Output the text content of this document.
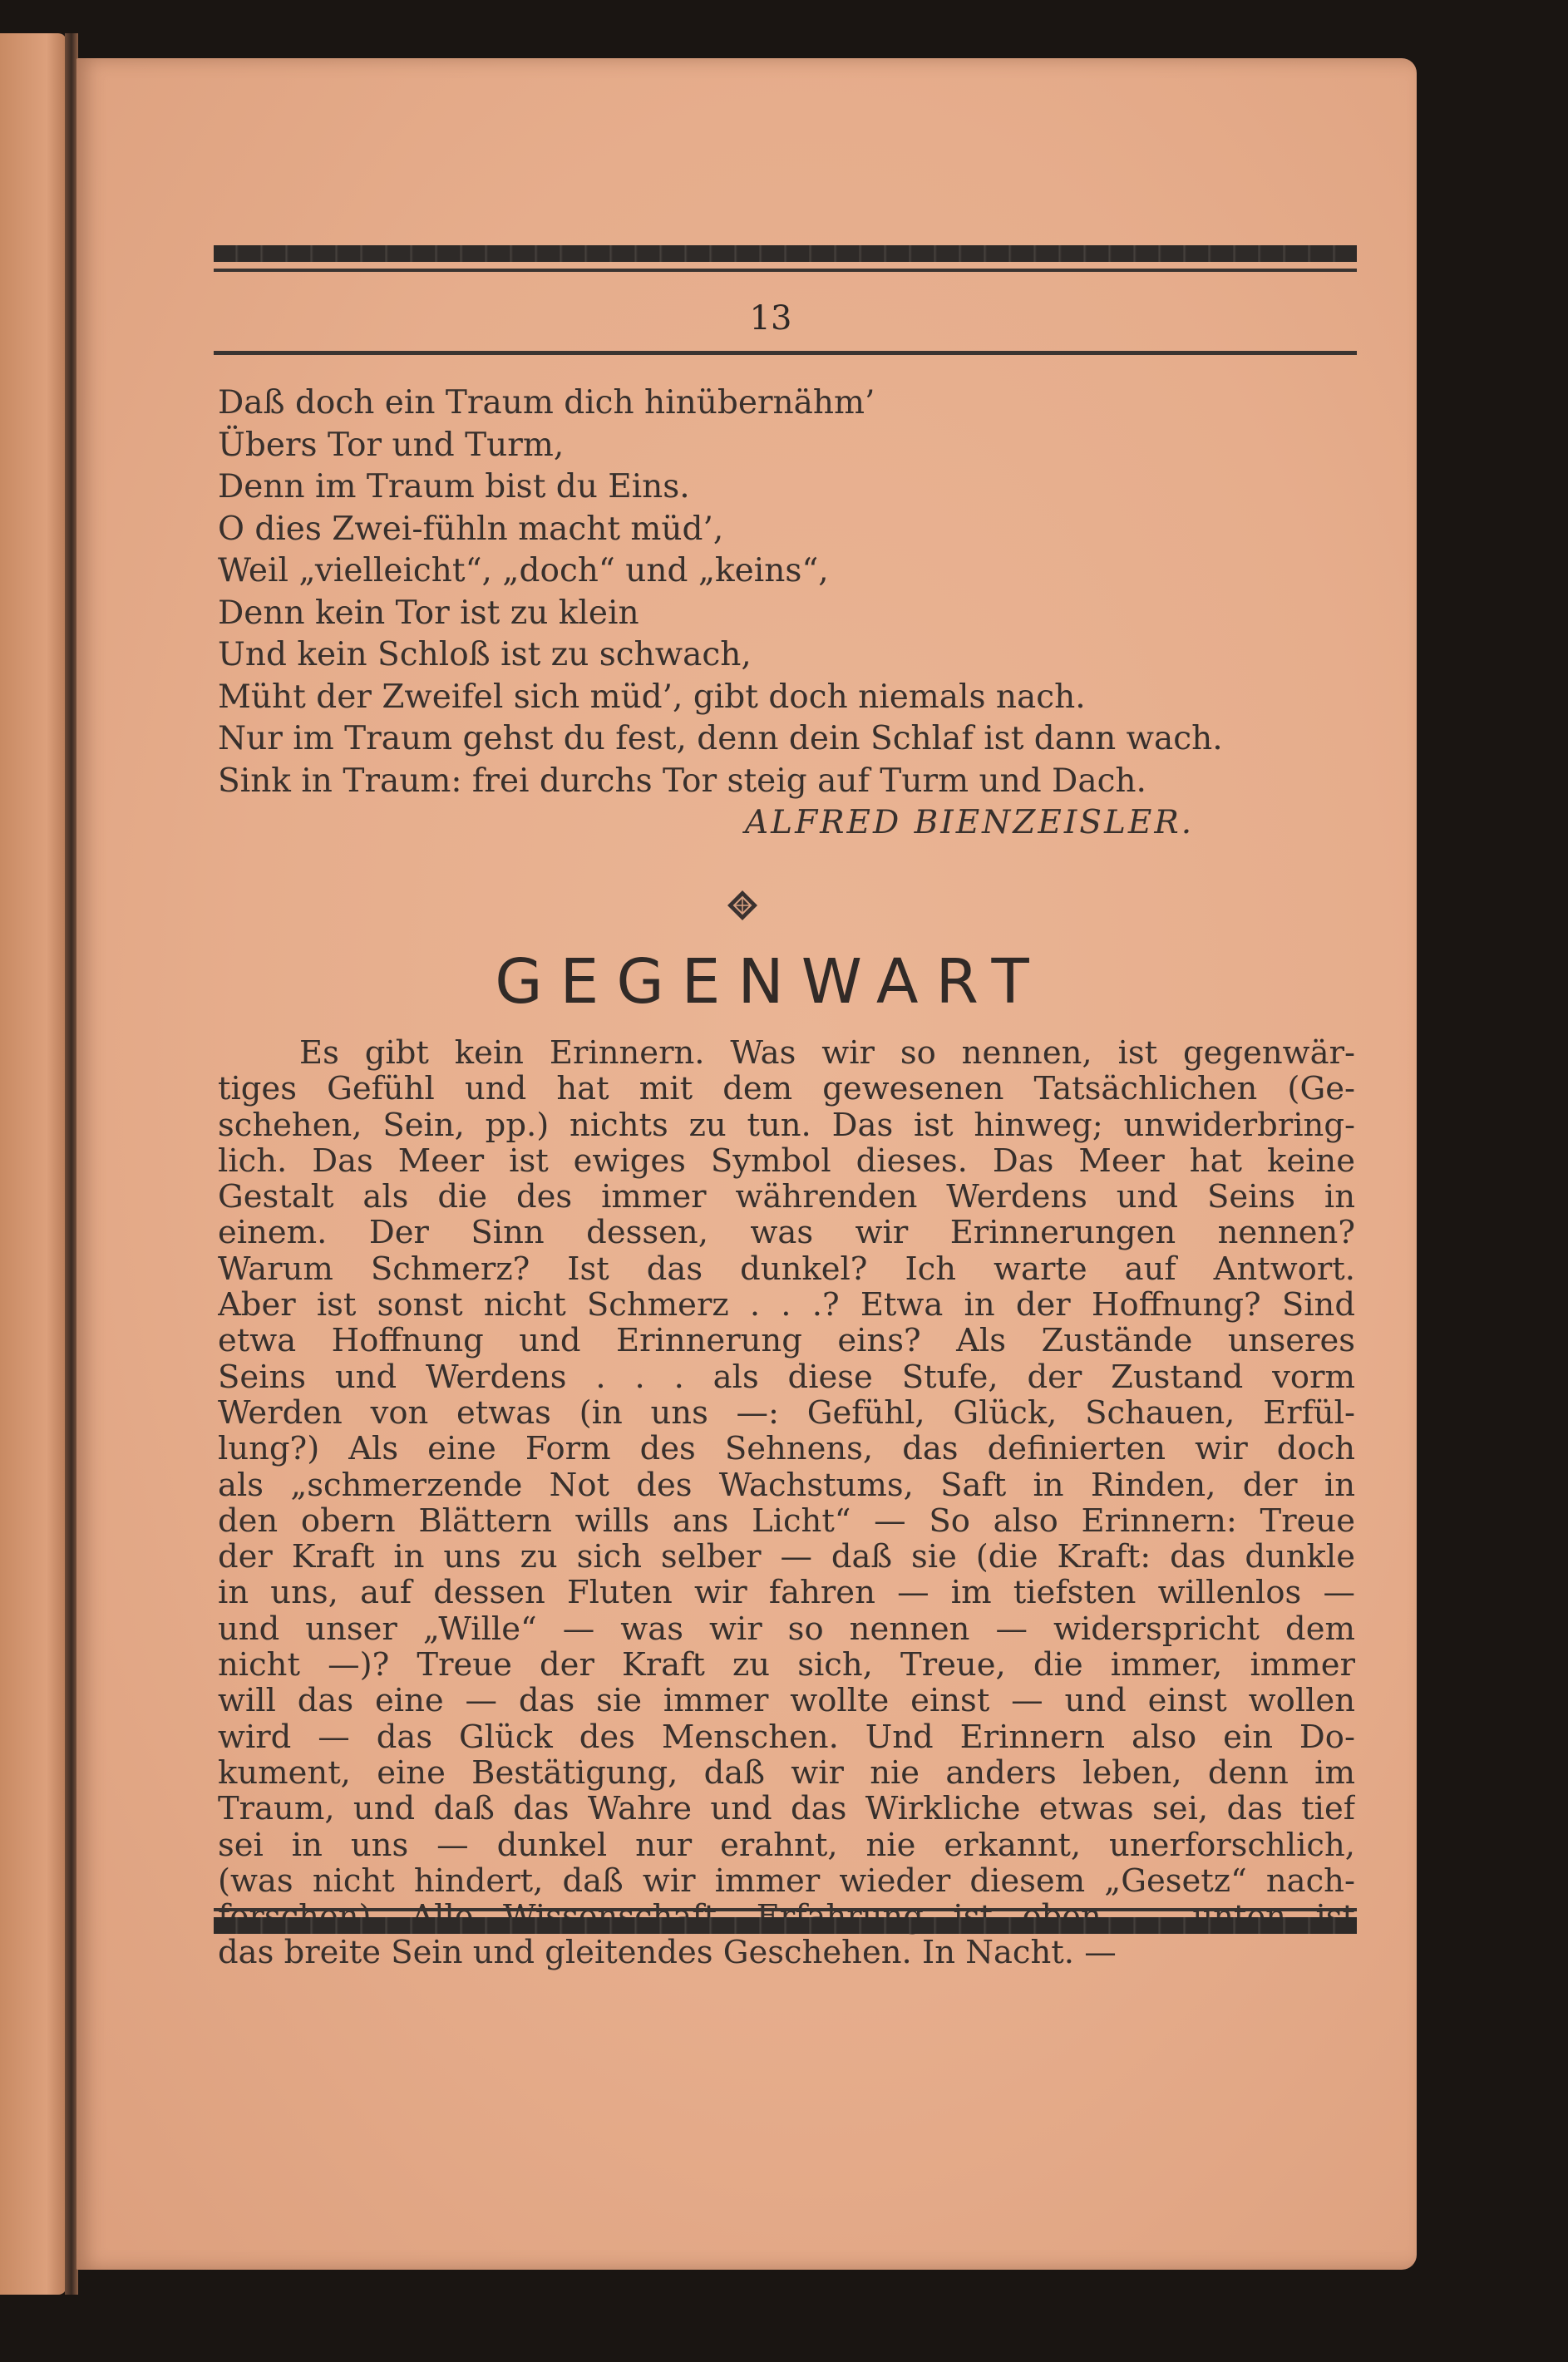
13
Daß doch ein Traum dich hinübernähm’
Übers Tor und Turm,
Denn im Traum bist du Eins.
O dies Zwei-fühln macht müd’,
Weil „vielleicht“, „doch“ und „keins“,
Denn kein Tor ist zu klein
Und kein Schloß ist zu schwach,
Müht der Zweifel sich müd’, gibt doch niemals nach.
Nur im Traum gehst du fest, denn dein Schlaf ist dann wach.
Sink in Traum: frei durchs Tor steig auf Turm und Dach.
ALFRED BIENZEISLER.
GEGENWART
Es gibt kein Erinnern. Was wir so nennen, ist gegenwär-
tiges Gefühl und hat mit dem gewesenen Tatsächlichen (Ge-
schehen, Sein, pp.) nichts zu tun. Das ist hinweg; unwiderbring-
lich. Das Meer ist ewiges Symbol dieses. Das Meer hat keine
Gestalt als die des immer währenden Werdens und Seins in
einem. Der Sinn dessen, was wir Erinnerungen nennen?
Warum Schmerz? Ist das dunkel? Ich warte auf Antwort.
Aber ist sonst nicht Schmerz . . .? Etwa in der Hoffnung? Sind
etwa Hoffnung und Erinnerung eins? Als Zustände unseres
Seins und Werdens . . . als diese Stufe, der Zustand vorm
Werden von etwas (in uns —: Gefühl, Glück, Schauen, Erfül-
lung?) Als eine Form des Sehnens, das definierten wir doch
als „schmerzende Not des Wachstums, Saft in Rinden, der in
den obern Blättern wills ans Licht“ — So also Erinnern: Treue
der Kraft in uns zu sich selber — daß sie (die Kraft: das dunkle
in uns, auf dessen Fluten wir fahren — im tiefsten willenlos —
und unser „Wille“ — was wir so nennen — widerspricht dem
nicht —)? Treue der Kraft zu sich, Treue, die immer, immer
will das eine — das sie immer wollte einst — und einst wollen
wird — das Glück des Menschen. Und Erinnern also ein Do-
kument, eine Bestätigung, daß wir nie anders leben, denn im
Traum, und daß das Wahre und das Wirkliche etwas sei, das tief
sei in uns — dunkel nur erahnt, nie erkannt, unerforschlich,
(was nicht hindert, daß wir immer wieder diesem „Gesetz“ nach-
das breite Sein und gleitendes Geschehen. In Nacht. —
